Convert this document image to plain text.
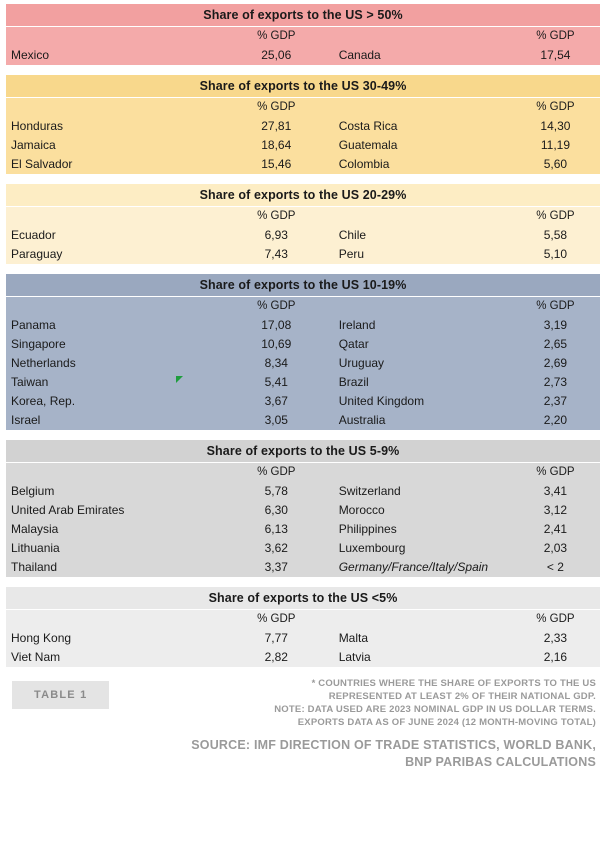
Share of exports to the US > 50%
	% GDP		% GDP
Mexico	25,06	Canada	17,54
Share of exports to the US 30-49%
	% GDP		% GDP
Honduras	27,81	Costa Rica	14,30
Jamaica	18,64	Guatemala	11,19
El Salvador	15,46	Colombia	5,60
Share of exports to the US 20-29%
	% GDP		% GDP
Ecuador	6,93	Chile	5,58
Paraguay	7,43	Peru	5,10
Share of exports to the US 10-19%
	% GDP		% GDP
Panama	17,08	Ireland	3,19
Singapore	10,69	Qatar	2,65
Netherlands	8,34	Uruguay	2,69
Taiwan	5,41	Brazil	2,73
Korea, Rep.	3,67	United Kingdom	2,37
Israel	3,05	Australia	2,20
Share of exports to the US 5-9%
	% GDP		% GDP
Belgium	5,78	Switzerland	3,41
United Arab Emirates	6,30	Morocco	3,12
Malaysia	6,13	Philippines	2,41
Lithuania	3,62	Luxembourg	2,03
Thailand	3,37	Germany/France/Italy/Spain	< 2
Share of exports to the US <5%
	% GDP		% GDP
Hong Kong	7,77	Malta	2,33
Viet Nam	2,82	Latvia	2,16
TABLE 1
* COUNTRIES WHERE THE SHARE OF EXPORTS TO THE US
REPRESENTED AT LEAST 2% OF THEIR NATIONAL GDP.
NOTE: DATA USED ARE 2023 NOMINAL GDP IN US DOLLAR TERMS.
EXPORTS DATA AS OF JUNE 2024 (12 MONTH-MOVING TOTAL)
SOURCE: IMF DIRECTION OF TRADE STATISTICS, WORLD BANK,
BNP PARIBAS CALCULATIONS
